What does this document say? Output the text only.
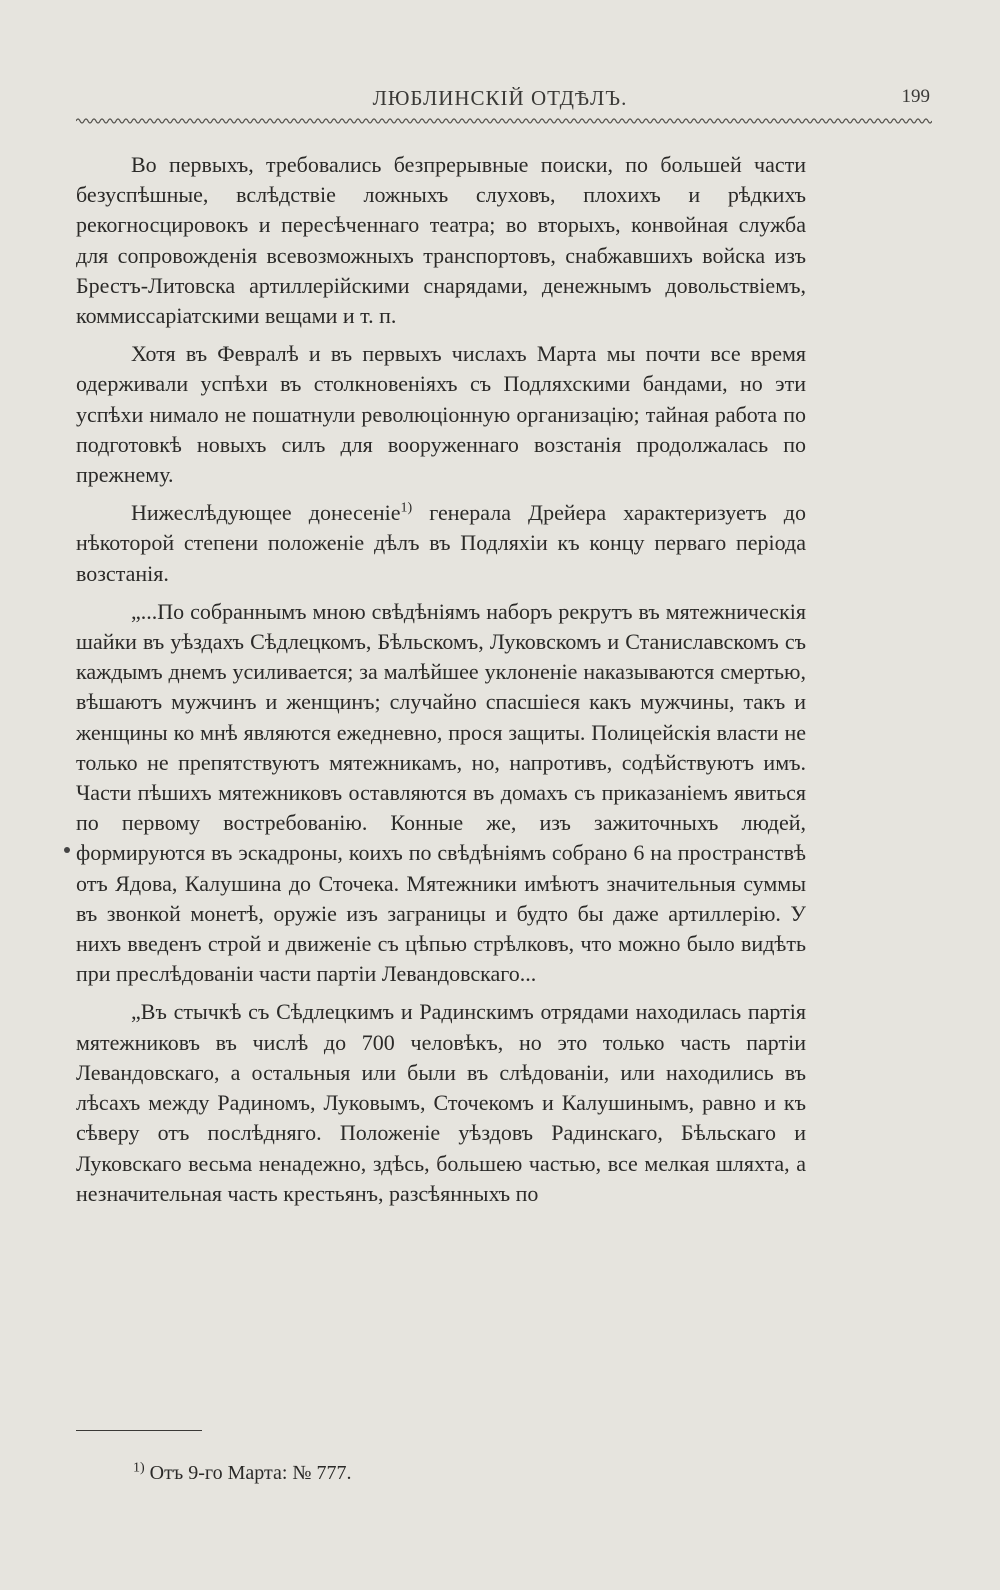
ЛЮБЛИНСКІЙ ОТДѢЛЪ.	199

Во первыхъ, требовались безпрерывные поиски, по большей части безуспѣшные, вслѣдствіе ложныхъ слуховъ, плохихъ и рѣдкихъ рекогносцировокъ и пересѣченнаго театра; во вторыхъ, конвойная служба для сопровожденія всевозможныхъ транспортовъ, снабжавшихъ войска изъ Брестъ-Литовска артиллерійскими снарядами, денежнымъ довольствіемъ, коммиссаріатскими вещами и т. п.

Хотя въ Февралѣ и въ первыхъ числахъ Марта мы почти все время одерживали успѣхи въ столкновеніяхъ съ Подляхскими бандами, но эти успѣхи нимало не пошатнули революціонную организацію; тайная работа по подготовкѣ новыхъ силъ для вооруженнаго возстанія продолжалась по прежнему.

Нижеслѣдующее донесеніе$^{1)}$ генерала Дрейера характеризуетъ до нѣкоторой степени положеніе дѣлъ въ Подляхіи къ концу перваго періода возстанія.

„...По собраннымъ мною свѣдѣніямъ наборъ рекрутъ въ мятежническія шайки въ уѣздахъ Сѣдлецкомъ, Бѣльскомъ, Луковскомъ и Станиславскомъ съ каждымъ днемъ усиливается; за малѣйшее уклоненіе наказываются смертью, вѣшаютъ мужчинъ и женщинъ; случайно спасшіеся какъ мужчины, такъ и женщины ко мнѣ являются ежедневно, прося защиты. Полицейскія власти не только не препятствуютъ мятежникамъ, но, напротивъ, содѣйствуютъ имъ. Части пѣшихъ мятежниковъ оставляются въ домахъ съ приказаніемъ явиться по первому востребованію. Конные же, изъ зажиточныхъ людей, формируются въ эскадроны, коихъ по свѣдѣніямъ собрано 6 на пространствѣ отъ Ядова, Калушина до Сточека. Мятежники имѣютъ значительныя суммы въ звонкой монетѣ, оружіе изъ заграницы и будто бы даже артиллерію. У нихъ введенъ строй и движеніе съ цѣпью стрѣлковъ, что можно было видѣть при преслѣдованіи части партіи Левандовскаго...

„Въ стычкѣ съ Сѣдлецкимъ и Радинскимъ отрядами находилась партія мятежниковъ въ числѣ до 700 человѣкъ, но это только часть партіи Левандовскаго, а остальныя или были въ слѣдованіи, или находились въ лѣсахъ между Радиномъ, Луковымъ, Сточекомъ и Калушинымъ, равно и къ сѣверу отъ послѣдняго. Положеніе уѣздовъ Радинскаго, Бѣльскаго и Луковскаго весьма ненадежно, здѣсь, большею частью, все мелкая шляхта, а незначительная часть крестьянъ, разсѣянныхъ по

$^{1)}$ Отъ 9-го Марта: № 777.
